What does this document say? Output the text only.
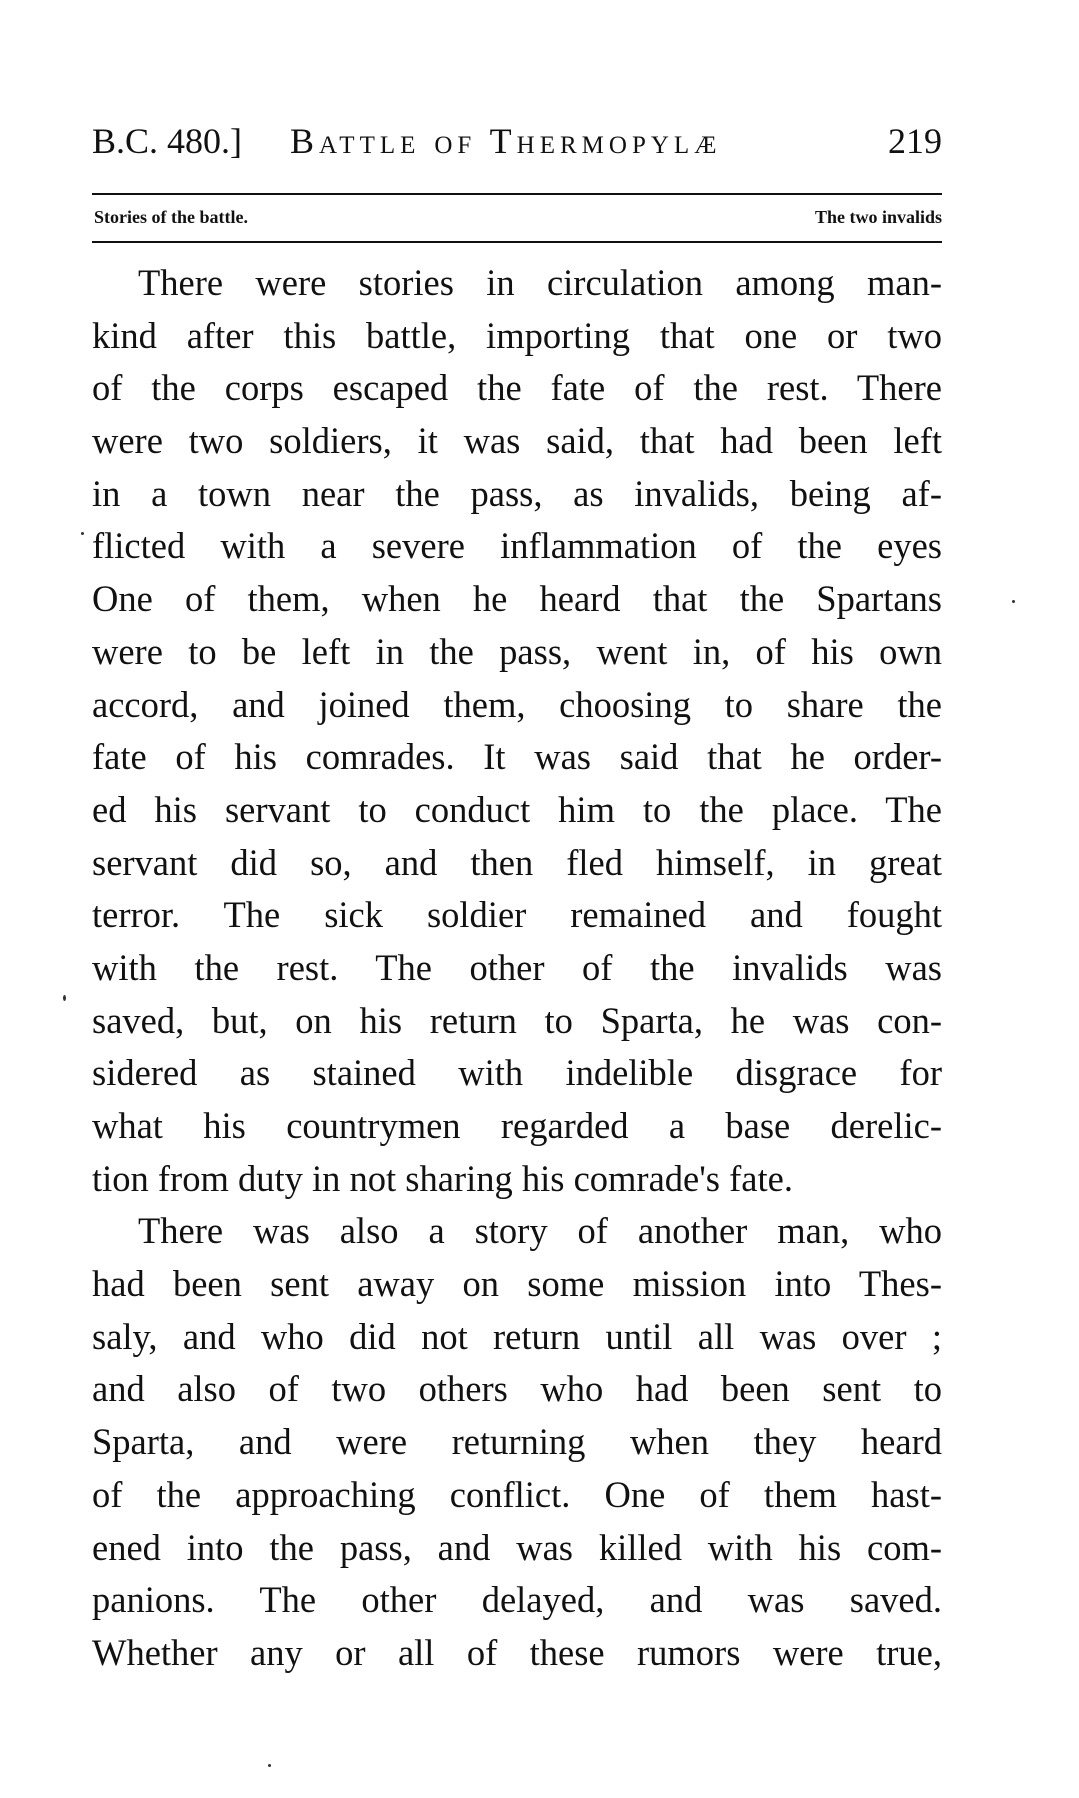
B.C. 480.] Battle of Thermopylæ	219
Stories of the battle.	The two invalids
There were stories in circulation among man-
kind after this battle, importing that one or two
of the corps escaped the fate of the rest. There
were two soldiers, it was said, that had been left
in a town near the pass, as invalids, being af-
flicted with a severe inflammation of the eyes
One of them, when he heard that the Spartans
were to be left in the pass, went in, of his own
accord, and joined them, choosing to share the
fate of his comrades. It was said that he order-
ed his servant to conduct him to the place. The
servant did so, and then fled himself, in great
terror. The sick soldier remained and fought
with the rest. The other of the invalids was
saved, but, on his return to Sparta, he was con-
sidered as stained with indelible disgrace for
what his countrymen regarded a base derelic-
tion from duty in not sharing his comrade's fate.
There was also a story of another man, who
had been sent away on some mission into Thes-
saly, and who did not return until all was over ;
and also of two others who had been sent to
Sparta, and were returning when they heard
of the approaching conflict. One of them hast-
ened into the pass, and was killed with his com-
panions. The other delayed, and was saved.
Whether any or all of these rumors were true,
